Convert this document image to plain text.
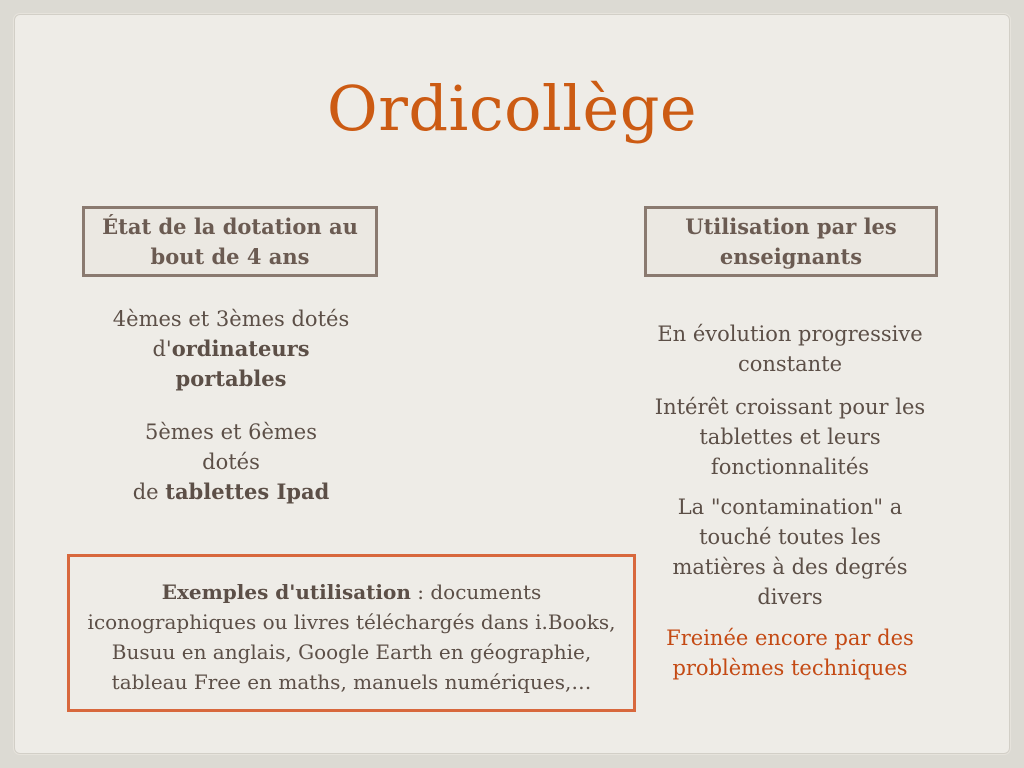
Ordicollège
État de la dotation au
bout de 4 ans
4èmes et 3èmes dotés
d'ordinateurs
portables
5èmes et 6èmes
dotés
de tablettes Ipad
Exemples d'utilisation : documents
iconographiques ou livres téléchargés dans i.Books,
Busuu en anglais, Google Earth en géographie,
tableau Free en maths, manuels numériques,…
Utilisation par les
enseignants
En évolution progressive
constante
Intérêt croissant pour les
tablettes et leurs
fonctionnalités
La "contamination" a
touché toutes les
matières à des degrés
divers
Freinée encore par des
problèmes techniques
